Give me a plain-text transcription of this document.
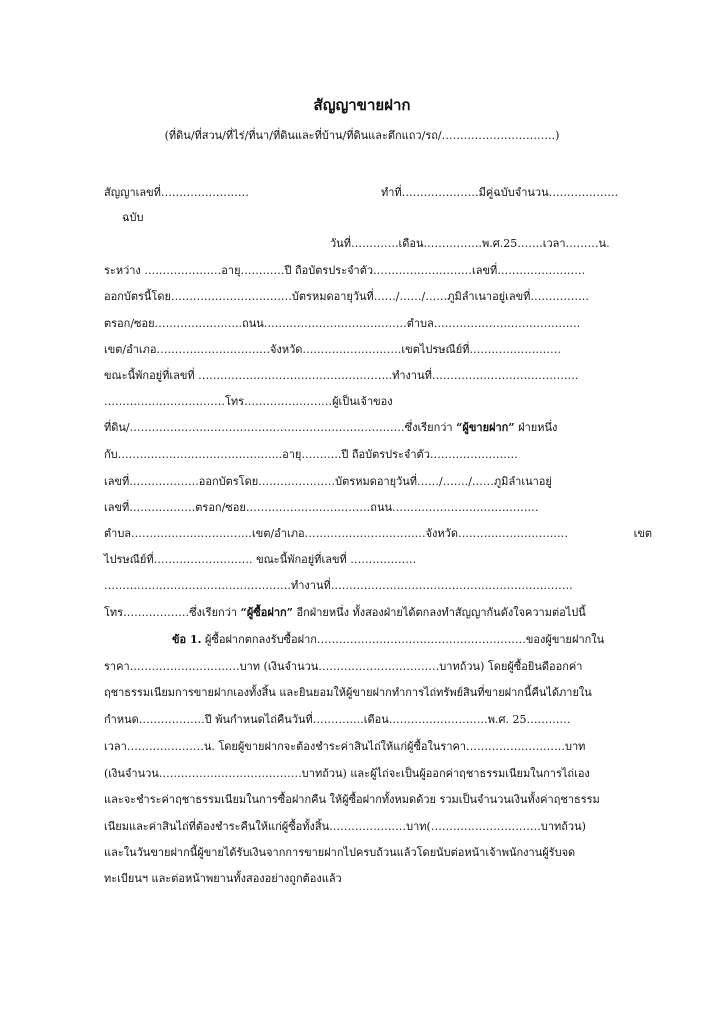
สัญญาขายฝาก
(ที่ดิน/ที่สวน/ที่ไร่/ที่นา/ที่ดินและที่บ้าน/ที่ดินและตึกแถว/รถ/………………………….)
สัญญาเลขที่……………………	ทำที่…………………มีคู่ฉบับจำนวน……………….
ฉบับ
วันที่………….เดือน…………….พ.ศ.25…….เวลา………น.
ระหว่าง …………………อายุ…………ปี ถือบัตรประจำตัว………………………เลขที่……………………
ออกบัตรนี้โดย……………………………บัตรหมดอายุวันที่……/……/……ภูมิลำเนาอยู่เลขที่…………….
ตรอก/ซอย……………….…..ถนน…………………………………ตำบล………………………………….
เขต/อำเภอ………………………….จังหวัด………………………เขตไปรษณีย์ที่…………………….
ขณะนี้พักอยู่ที่เลขที่ ……………………………………………..ทำงานที่………………………………….
……………………………โทร……………………ผู้เป็นเจ้าของ
ที่ดิน/…………………………………………………………………ซึ่งเรียกว่า “ผู้ขายฝาก” ฝ่ายหนึ่ง
กับ……………………………………...อายุ………..ปี ถือบัตรประจำตัว……………………
เลขที่……………….ออกบัตรโดย…………………บัตรหมดอายุวันที่……/……./……ภูมิลำเนาอยู่
เลขที่………………ตรอก/ซอย……………….……………ถนน…………………….……………
ตำบล……………………………เขต/อำเภอ……………………………จังหวัด…………………………	เขต
ไปรษณีย์ที่……………………… ขณะนี้พักอยู่ที่เลขที่ ………………
……………………………………………ทำงานที่…………………………………………………………
โทร………………ซึ่งเรียกว่า “ผู้ซื้อฝาก” อีกฝ่ายหนึ่ง ทั้งสองฝ่ายได้ตกลงทำสัญญากันดังใจความต่อไปนี้
ข้อ 1. ผู้ซื้อฝากตกลงรับซื้อฝาก…………………………………………………ของผู้ขายฝากใน
ราคา…………………………บาท (เงินจำนวน……………………………บาทถ้วน) โดยผู้ซื้อยินดีออกค่า
ฤชาธรรมเนียมการขายฝากเองทั้งสิ้น และยินยอมให้ผู้ขายฝากทำการไถ่ทรัพย์สินที่ขายฝากนี้คืนได้ภายใน
กำหนด………………ปี พ้นกำหนดไถ่คืนวันที่…………..เดือน………………………พ.ศ. 25…………
เวลา…………………น. โดยผู้ขายฝากจะต้องชำระค่าสินไถ่ให้แก่ผู้ซื้อในราคา………………………บาท
(เงินจำนวน…………………………………บาทถ้วน) และผู้ไถ่จะเป็นผู้ออกค่าฤชาธรรมเนียมในการไถ่เอง
และจะชำระค่าฤชาธรรมเนียมในการซื้อฝากคืน ให้ผู้ซื้อฝากทั้งหมดด้วย รวมเป็นจำนวนเงินทั้งค่าฤชาธรรม
เนียมและค่าสินไถ่ที่ต้องชำระคืนให้แก่ผู้ซื้อทั้งสิ้น…………………บาท(…………………………บาทถ้วน)
และในวันขายฝากนี้ผู้ขายได้รับเงินจากการขายฝากไปครบถ้วนแล้วโดยนับต่อหน้าเจ้าพนักงานผู้รับจด
ทะเบียนฯ และต่อหน้าพยานทั้งสองอย่างถูกต้องแล้ว
